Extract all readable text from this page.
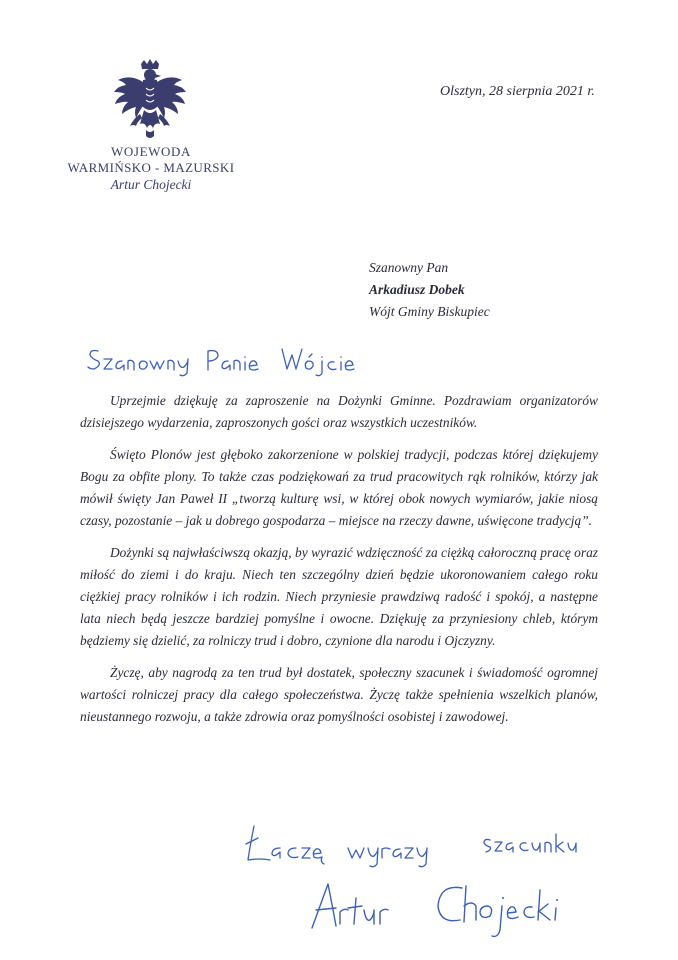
WOJEWODA
WARMIŃSKO - MAZURSKI
Artur Chojecki
Olsztyn, 28 sierpnia 2021 r.
Szanowny Pan
Arkadiusz Dobek
Wójt Gminy Biskupiec
Szanowny Panie Wójcie

Uprzejmie dziękuję za zaproszenie na Dożynki Gminne. Pozdrawiam organizatorów dzisiejszego wydarzenia, zaproszonych gości oraz wszystkich uczestników.

Święto Plonów jest głęboko zakorzenione w polskiej tradycji, podczas której dziękujemy Bogu za obfite plony. To także czas podziękowań za trud pracowitych rąk rolników, którzy jak mówił święty Jan Paweł II „tworzą kulturę wsi, w której obok nowych wymiarów, jakie niosą czasy, pozostanie – jak u dobrego gospodarza – miejsce na rzeczy dawne, uświęcone tradycją”.

Dożynki są najwłaściwszą okazją, by wyrazić wdzięczność za ciężką całoroczną pracę oraz miłość do ziemi i do kraju. Niech ten szczególny dzień będzie ukoronowaniem całego roku ciężkiej pracy rolników i ich rodzin. Niech przyniesie prawdziwą radość i spokój, a następne lata niech będą jeszcze bardziej pomyślne i owocne. Dziękuję za przyniesiony chleb, którym będziemy się dzielić, za rolniczy trud i dobro, czynione dla narodu i Ojczyzny.

Życzę, aby nagrodą za ten trud był dostatek, społeczny szacunek i świadomość ogromnej wartości rolniczej pracy dla całego społeczeństwa. Życzę także spełnienia wszelkich planów, nieustannego rozwoju, a także zdrowia oraz pomyślności osobistej i zawodowej.

Łączę wyrazy szacunku
Artur Chojecki
